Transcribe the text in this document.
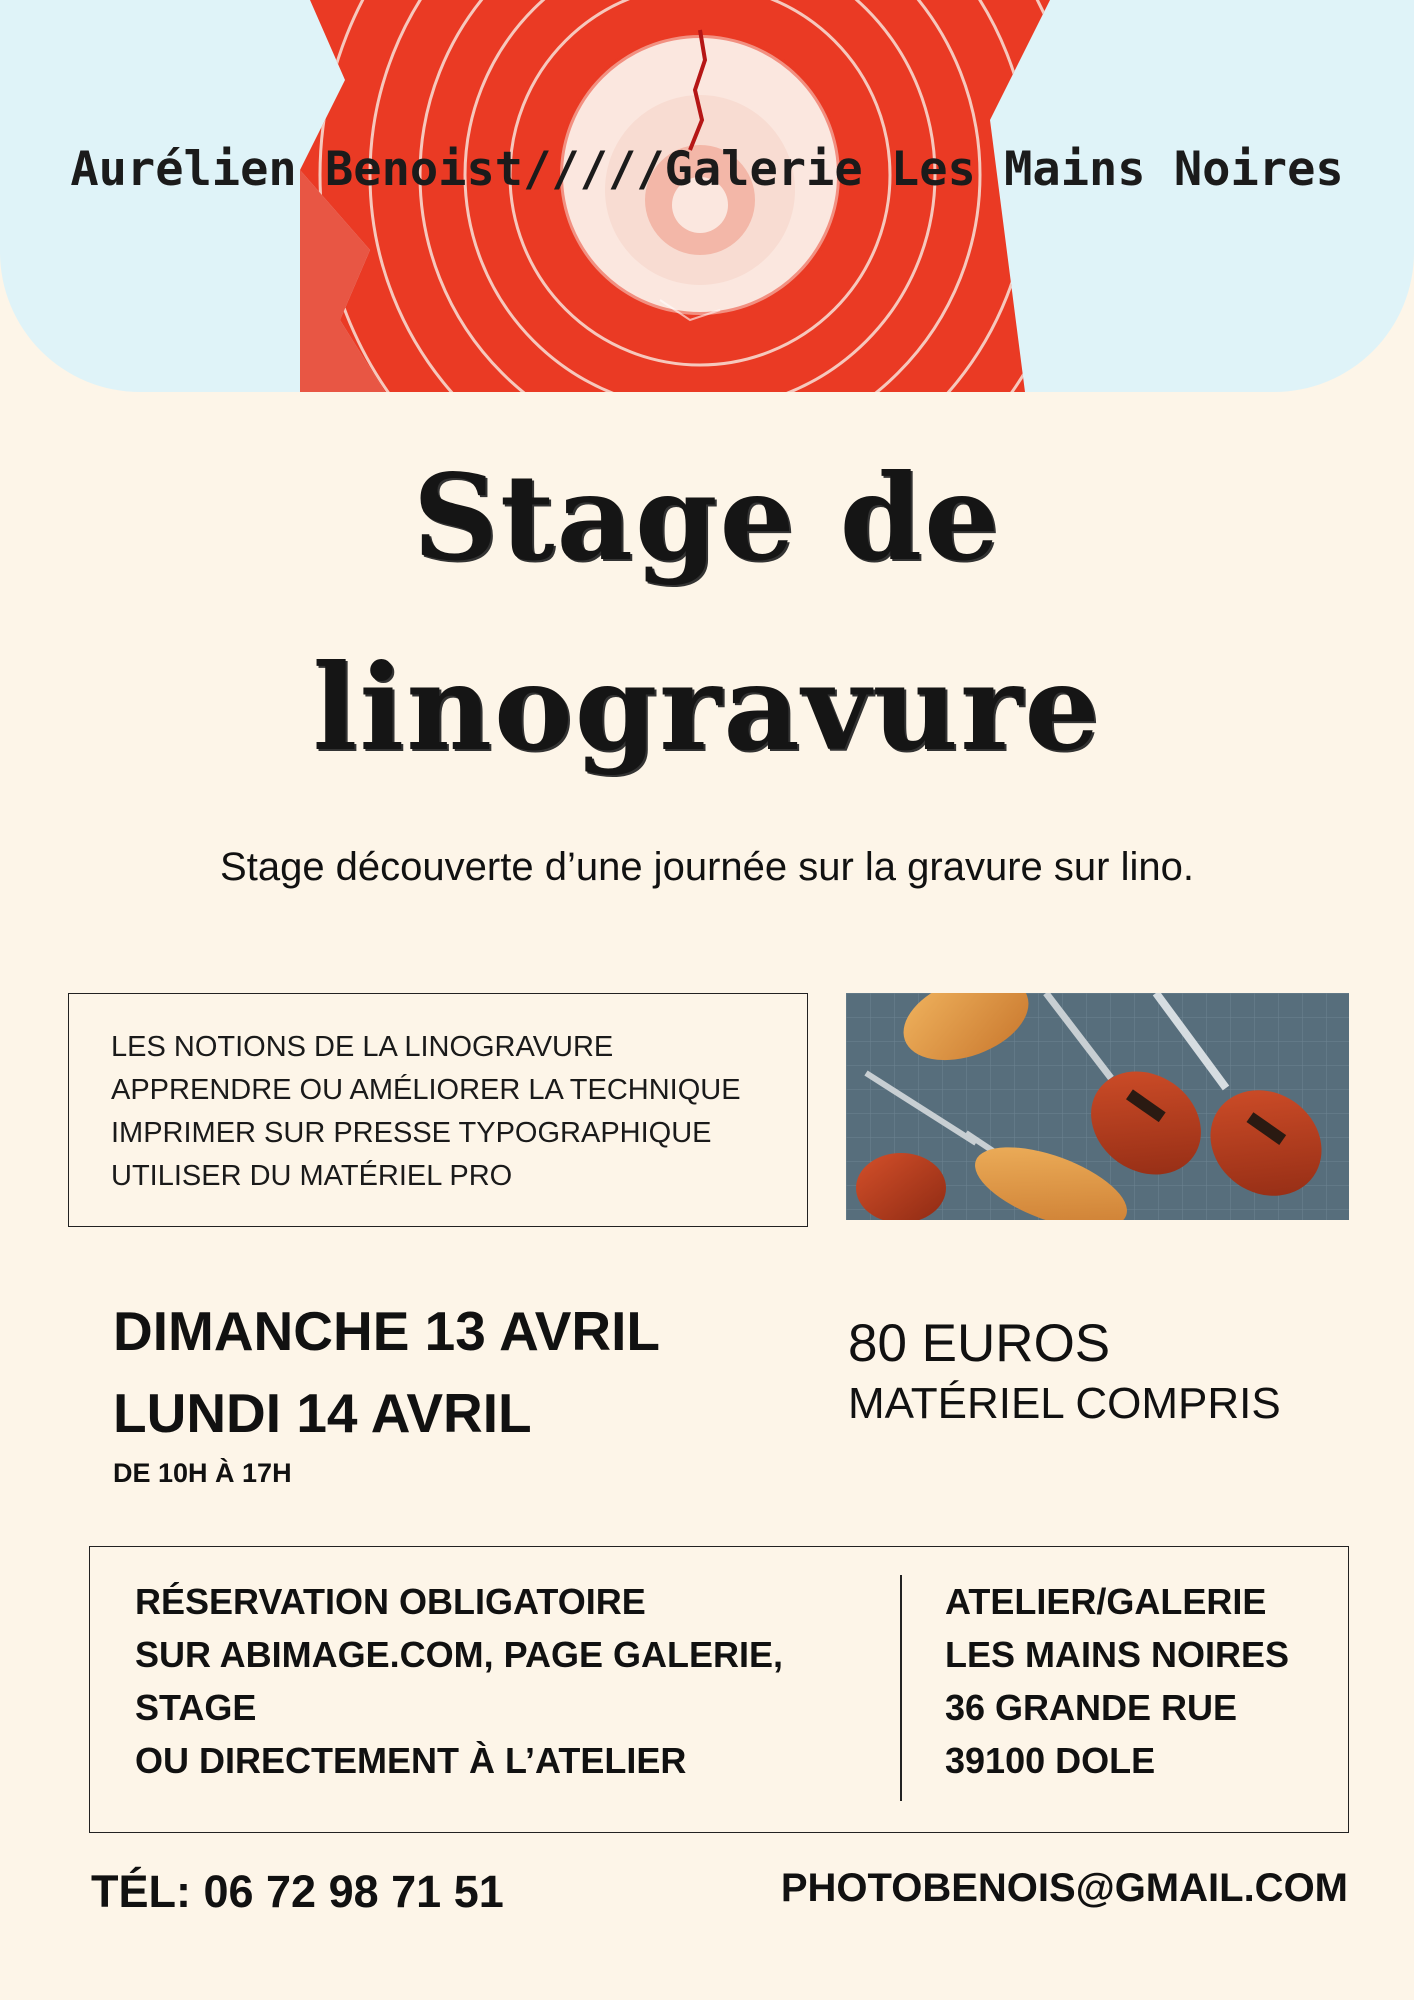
Aurélien Benoist/////Galerie Les Mains Noires
Stage de
linogravure
Stage découverte d’une journée sur la gravure sur lino.
LES NOTIONS DE LA LINOGRAVURE
APPRENDRE OU AMÉLIORER LA TECHNIQUE
IMPRIMER SUR PRESSE TYPOGRAPHIQUE
UTILISER DU MATÉRIEL PRO
DIMANCHE 13 AVRIL
LUNDI 14 AVRIL
DE 10H À 17H
80 EUROS
MATÉRIEL COMPRIS
RÉSERVATION OBLIGATOIRE
SUR ABIMAGE.COM, PAGE GALERIE,
STAGE
OU DIRECTEMENT À L’ATELIER
ATELIER/GALERIE
LES MAINS NOIRES
36 GRANDE RUE
39100 DOLE
TÉL: 06 72 98 71 51	PHOTOBENOIS@GMAIL.COM
